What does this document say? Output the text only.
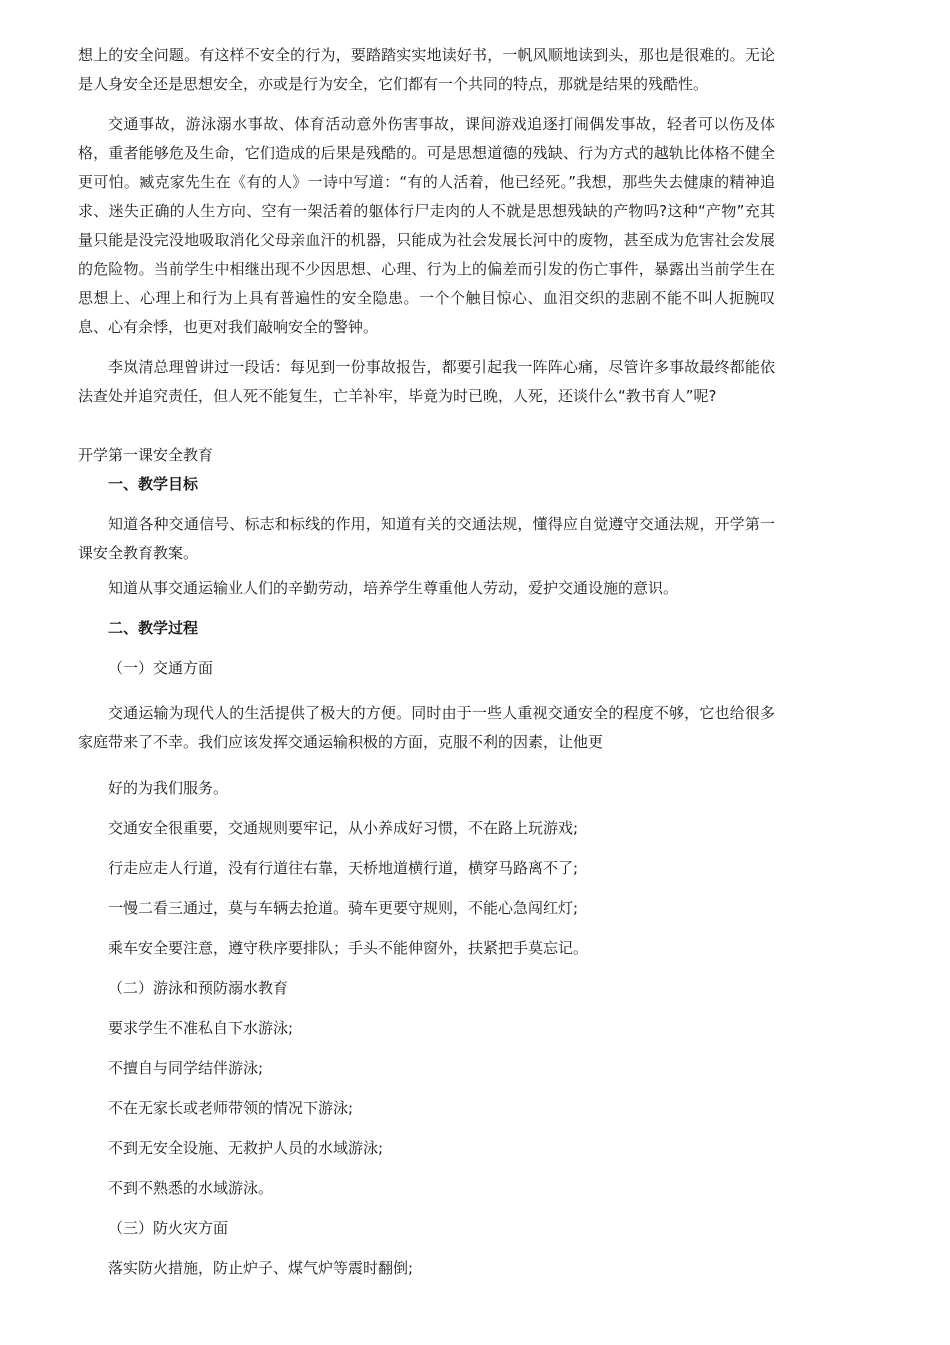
想上的安全问题。有这样不安全的行为，要踏踏实实地读好书，一帆风顺地读到头，那也是很难的。无论是人身安全还是思想安全，亦或是行为安全，它们都有一个共同的特点，那就是结果的残酷性。

交通事故，游泳溺水事故、体育活动意外伤害事故，课间游戏追逐打闹偶发事故，轻者可以伤及体格，重者能够危及生命，它们造成的后果是残酷的。可是思想道德的残缺、行为方式的越轨比体格不健全更可怕。臧克家先生在《有的人》一诗中写道：“有的人活着，他已经死。”我想，那些失去健康的精神追求、迷失正确的人生方向、空有一架活着的躯体行尸走肉的人不就是思想残缺的产物吗?这种“产物”充其量只能是没完没地吸取消化父母亲血汗的机器，只能成为社会发展长河中的废物，甚至成为危害社会发展的危险物。当前学生中相继出现不少因思想、心理、行为上的偏差而引发的伤亡事件，暴露出当前学生在思想上、心理上和行为上具有普遍性的安全隐患。一个个触目惊心、血泪交织的悲剧不能不叫人扼腕叹息、心有余悸，也更对我们敲响安全的警钟。

李岚清总理曾讲过一段话：每见到一份事故报告，都要引起我一阵阵心痛，尽管许多事故最终都能依法查处并追究责任，但人死不能复生，亡羊补牢，毕竟为时已晚，人死，还谈什么“教书育人”呢?

开学第一课安全教育

一、教学目标

知道各种交通信号、标志和标线的作用，知道有关的交通法规，懂得应自觉遵守交通法规，开学第一课安全教育教案。

知道从事交通运输业人们的辛勤劳动，培养学生尊重他人劳动，爱护交通设施的意识。

二、教学过程

（一）交通方面

交通运输为现代人的生活提供了极大的方便。同时由于一些人重视交通安全的程度不够，它也给很多家庭带来了不幸。我们应该发挥交通运输积极的方面，克服不利的因素，让他更

好的为我们服务。

交通安全很重要，交通规则要牢记，从小养成好习惯，不在路上玩游戏;

行走应走人行道，没有行道往右靠，天桥地道横行道，横穿马路离不了;

一慢二看三通过，莫与车辆去抢道。骑车更要守规则，不能心急闯红灯;

乘车安全要注意，遵守秩序要排队；手头不能伸窗外，扶紧把手莫忘记。

（二）游泳和预防溺水教育

要求学生不准私自下水游泳;

不擅自与同学结伴游泳;

不在无家长或老师带领的情况下游泳;

不到无安全设施、无救护人员的水域游泳;

不到不熟悉的水域游泳。

（三）防火灾方面

落实防火措施，防止炉子、煤气炉等震时翻倒;
